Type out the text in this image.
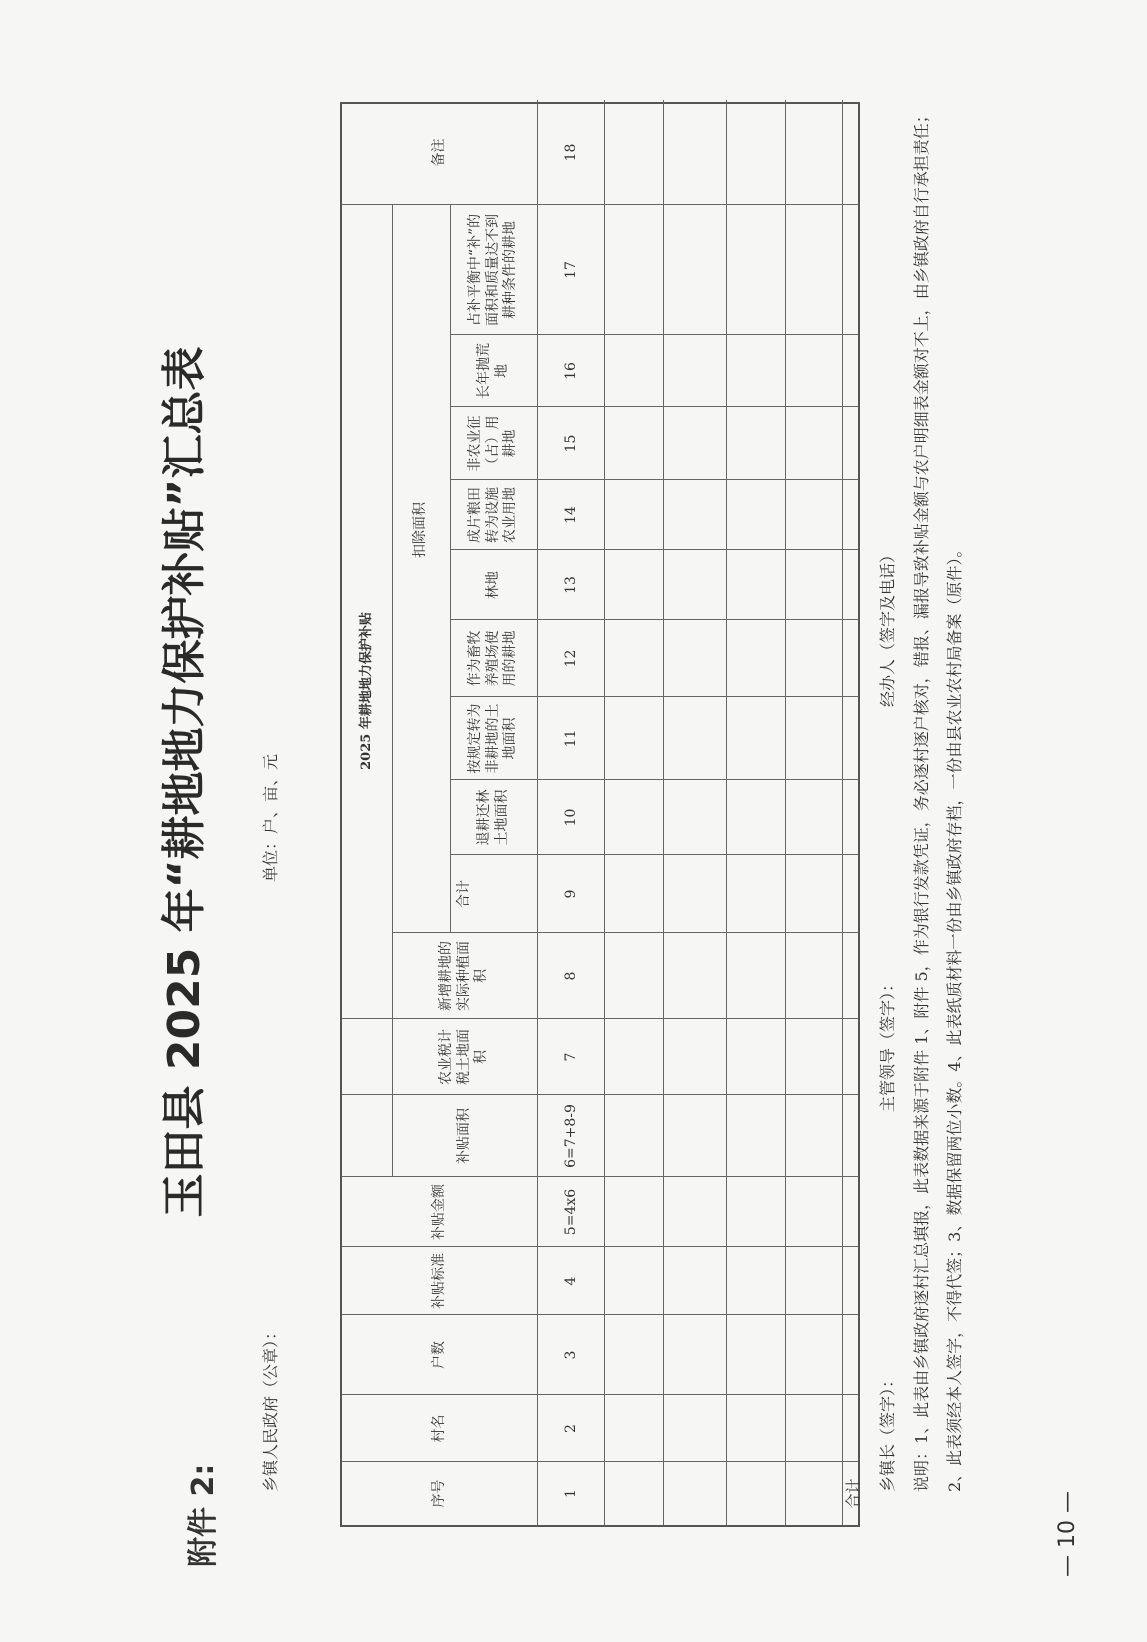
附件 2:
玉田县 2025 年“耕地地力保护补贴”汇总表
乡镇人民政府（公章）：
单位：户、亩、元
2025 年耕地地力保护补贴
扣除面积
序号
村名
户数
补贴标准
补贴金额
补贴面积
农业税计税土地面积
新增耕地的实际种植面积
合计
退耕还林土地面积
按规定转为非耕地的土地面积
作为畜牧养殖场使用的耕地
林地
成片粮田转为设施农业用地
非农业征（占）用耕地
长年抛荒地
占补平衡中“补”的面积和质量达不到耕种条件的耕地
备注
1
2
3
4
5=4x6
6=7+8-9
7
8
9
10
11
12
13
14
15
16
17
18
合计
乡镇长（签字）：
主管领导（签字）：
经办人（签字及电话） 说明：1、此表由乡镇政府逐村汇总填报，此表数据来源于附件 1、附件 5，作为银行发款凭证，务必逐村逐户核对，错报、漏报导致补贴金额与农户明细表金额对不上，由乡镇政府自行承担责任；2、此表须经本人签字，不得代签；3、数据保留两位小数。4、此表纸质材料一份由乡镇政府存档，一份由县农业农村局备案（原件）。
— 10 —
